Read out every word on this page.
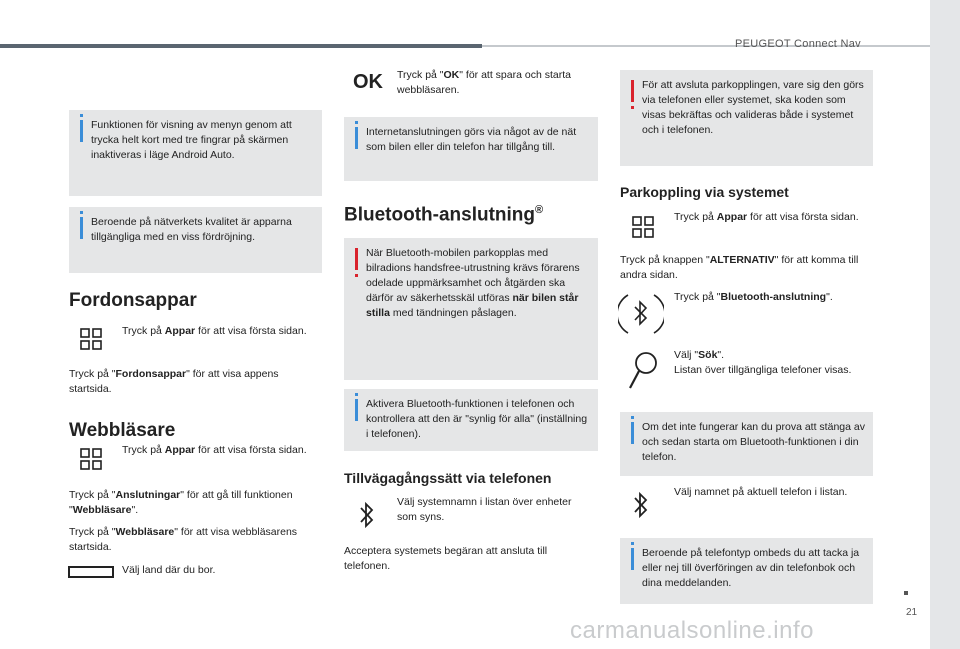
PEUGEOT Connect Nav
21
Funktionen för visning av menyn genom att trycka helt kort med tre fingrar på skärmen inaktiveras i läge Android Auto.
Beroende på nätverkets kvalitet är apparna tillgängliga med en viss fördröjning.
Fordonsappar
Tryck på Appar för att visa första sidan.
Tryck på "Fordonsappar" för att visa appens startsida.
Webbläsare
Tryck på Appar för att visa första sidan.
Tryck på "Anslutningar" för att gå till funktionen "Webbläsare".
Tryck på "Webbläsare" för att visa webbläsarens startsida.
Välj land där du bor.
OK Tryck på "OK" för att spara och starta webbläsaren.
Internetanslutningen görs via något av de nät som bilen eller din telefon har tillgång till.
Bluetooth-anslutning®
När Bluetooth-mobilen parkopplas med bilradions handsfree-utrustning krävs förarens odelade uppmärksamhet och åtgärden ska därför av säkerhetsskäl utföras när bilen står stilla med tändningen påslagen.
Aktivera Bluetooth-funktionen i telefonen och kontrollera att den är "synlig för alla" (inställning i telefonen).
Tillvägagångssätt via telefonen
Välj systemnamn i listan över enheter som syns.
Acceptera systemets begäran att ansluta till telefonen.
För att avsluta parkopplingen, vare sig den görs via telefonen eller systemet, ska koden som visas bekräftas och valideras både i systemet och i telefonen.
Parkoppling via systemet
Tryck på Appar för att visa första sidan.
Tryck på knappen "ALTERNATIV" för att komma till andra sidan.
Tryck på "Bluetooth-anslutning".
Välj "Sök".
Listan över tillgängliga telefoner visas.
Om det inte fungerar kan du prova att stänga av och sedan starta om Bluetooth-funktionen i din telefon.
Välj namnet på aktuell telefon i listan.
Beroende på telefontyp ombeds du att tacka ja eller nej till överföringen av din telefonbok och dina meddelanden.
carmanualsonline.info
